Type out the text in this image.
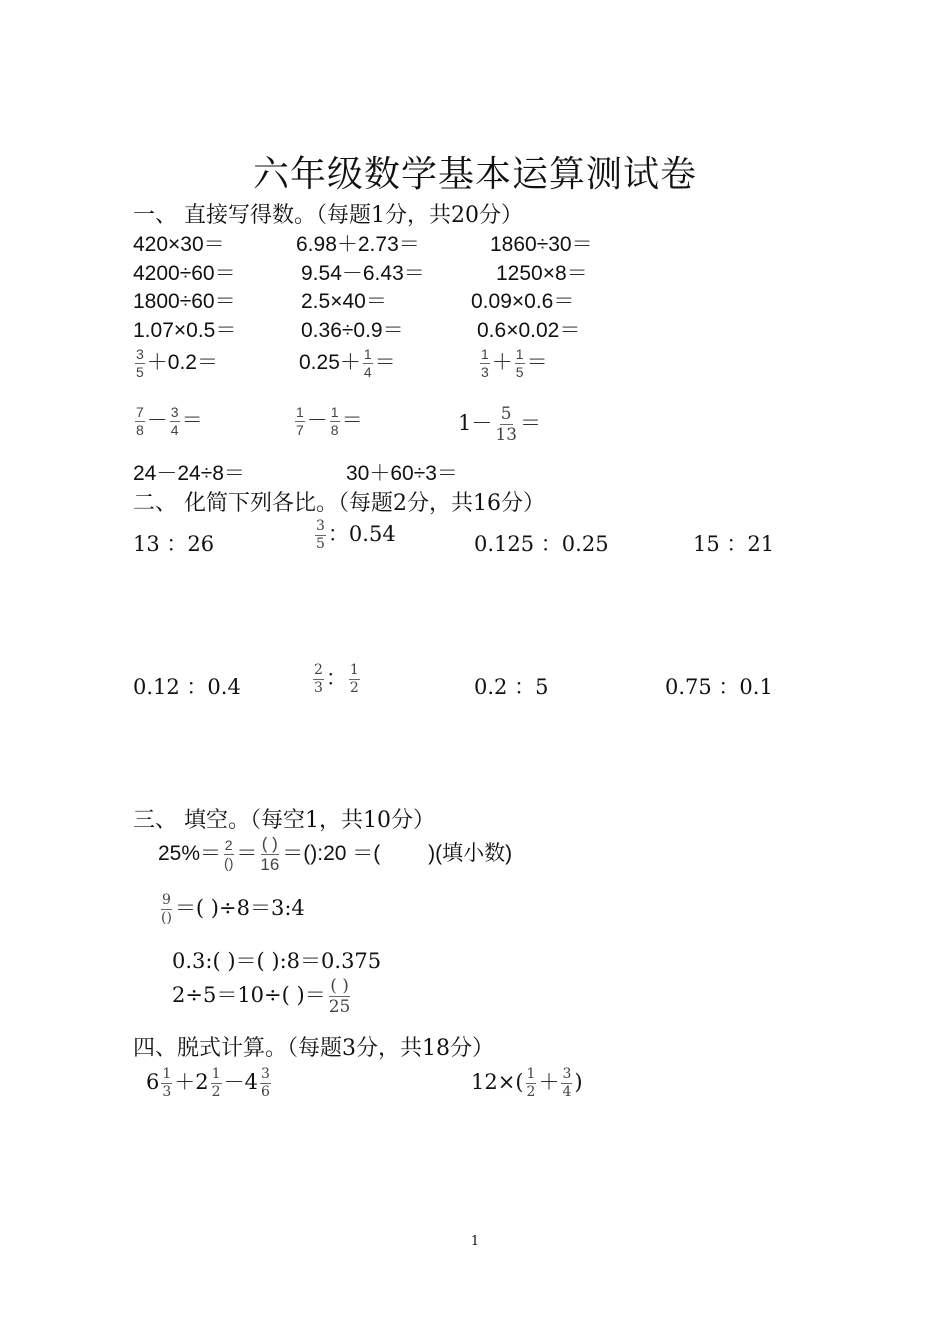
六年级数学基本运算测试卷
一、 直接写得数。（每题1分，共20分）
420×30＝	6.98＋2.73＝	1860÷30＝
4200÷60＝	9.54－6.43＝	1250×8＝
1800÷60＝	2.5×40＝	0.09×0.6＝
1.07×0.5＝	0.36÷0.9＝	0.6×0.02＝
$\frac{3}{5} +0.2=$	$0.25+ \frac{1}{4}$ ＝	$\frac{1}{3} + \frac{1}{5}$ ＝
$\frac{7}{8} - \frac{3}{4}$ ＝	$\frac{1}{7} - \frac{1}{8}$ ＝	$1- \frac{5}{13}$ ＝
24－24÷8＝	30＋60÷3＝
二、 化简下列各比。（每题2分，共16分）
13 ：26	$\frac{3}{5}$ ：0.54	0.125 ：0.25	15 ：21
0.12 ：0.4	$\frac{2}{3}$ ： $\frac{1}{2}$	0.2 ：5	0.75 ：0.1
三、 填空。（每空1，共10分）
$25\%= \frac{2}{()} = \frac{( )}{16}$ ＝():20 ＝(　　 )(填小数)
$\frac{9}{()}$ ＝( )÷8＝3:4
0.3:( )＝( ):8＝0.375
2÷5＝10÷( )＝ $\frac{( )}{25}$
四、脱式计算。（每题3分，共18分）
$6 \frac{1}{3} +2 \frac{1}{2} -4 \frac{3}{6}$	$12\times( \frac{1}{2} + \frac{3}{4}$ )
1
